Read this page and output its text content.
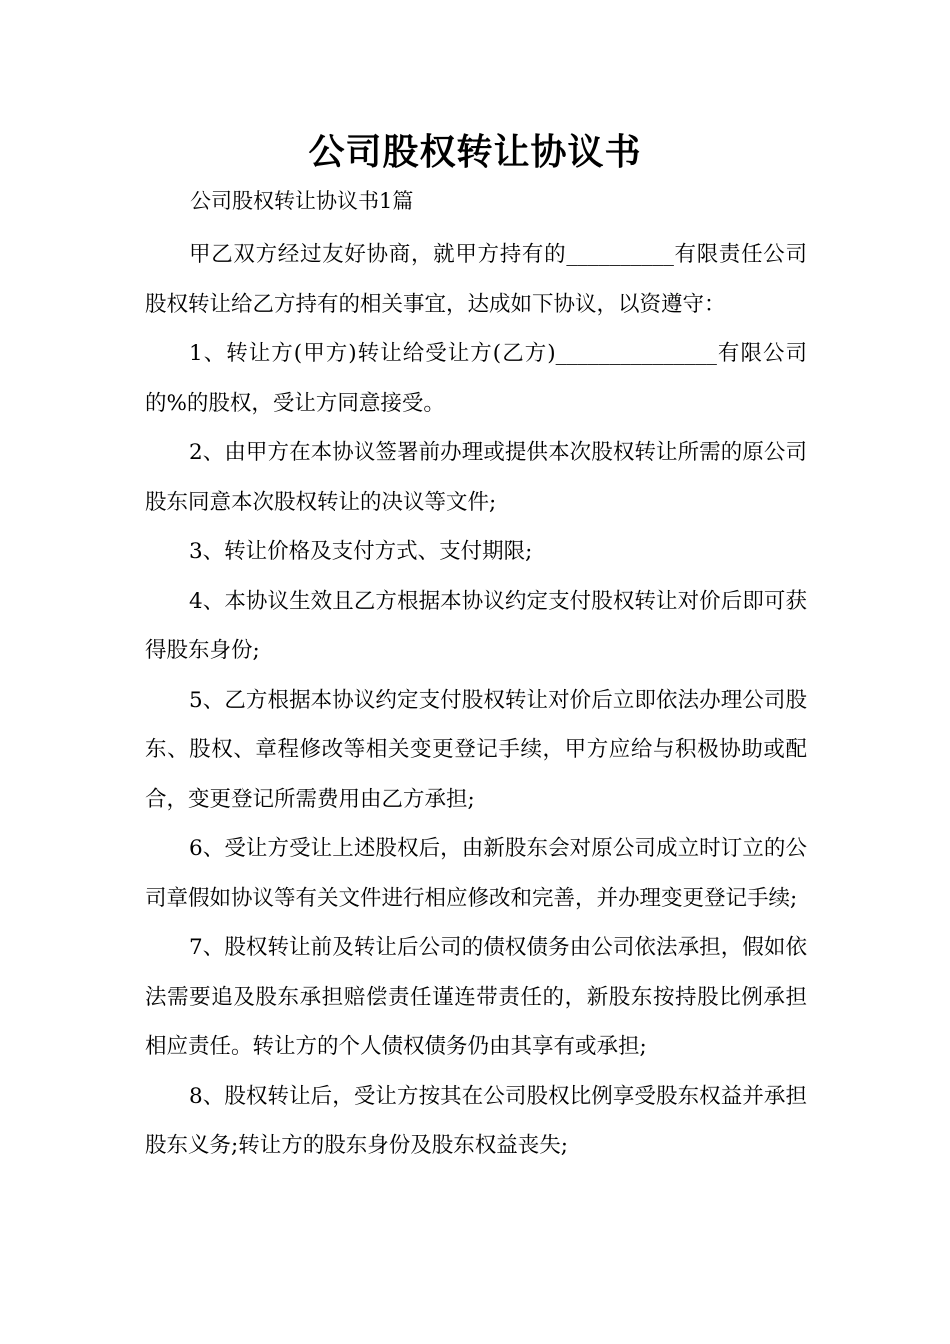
公司股权转让协议书
公司股权转让协议书1篇

甲乙双方经过友好协商，就甲方持有的__________有限责任公司股权转让给乙方持有的相关事宜，达成如下协议，以资遵守：

1、转让方(甲方)转让给受让方(乙方)_______________有限公司的%的股权，受让方同意接受。

2、由甲方在本协议签署前办理或提供本次股权转让所需的原公司股东同意本次股权转让的决议等文件;

3、转让价格及支付方式、支付期限;

4、本协议生效且乙方根据本协议约定支付股权转让对价后即可获得股东身份;

5、乙方根据本协议约定支付股权转让对价后立即依法办理公司股东、股权、章程修改等相关变更登记手续，甲方应给与积极协助或配合，变更登记所需费用由乙方承担;

6、受让方受让上述股权后，由新股东会对原公司成立时订立的公司章假如协议等有关文件进行相应修改和完善，并办理变更登记手续;

7、股权转让前及转让后公司的债权债务由公司依法承担，假如依法需要追及股东承担赔偿责任谨连带责任的，新股东按持股比例承担相应责任。转让方的个人债权债务仍由其享有或承担;

8、股权转让后，受让方按其在公司股权比例享受股东权益并承担股东义务;转让方的股东身份及股东权益丧失;
